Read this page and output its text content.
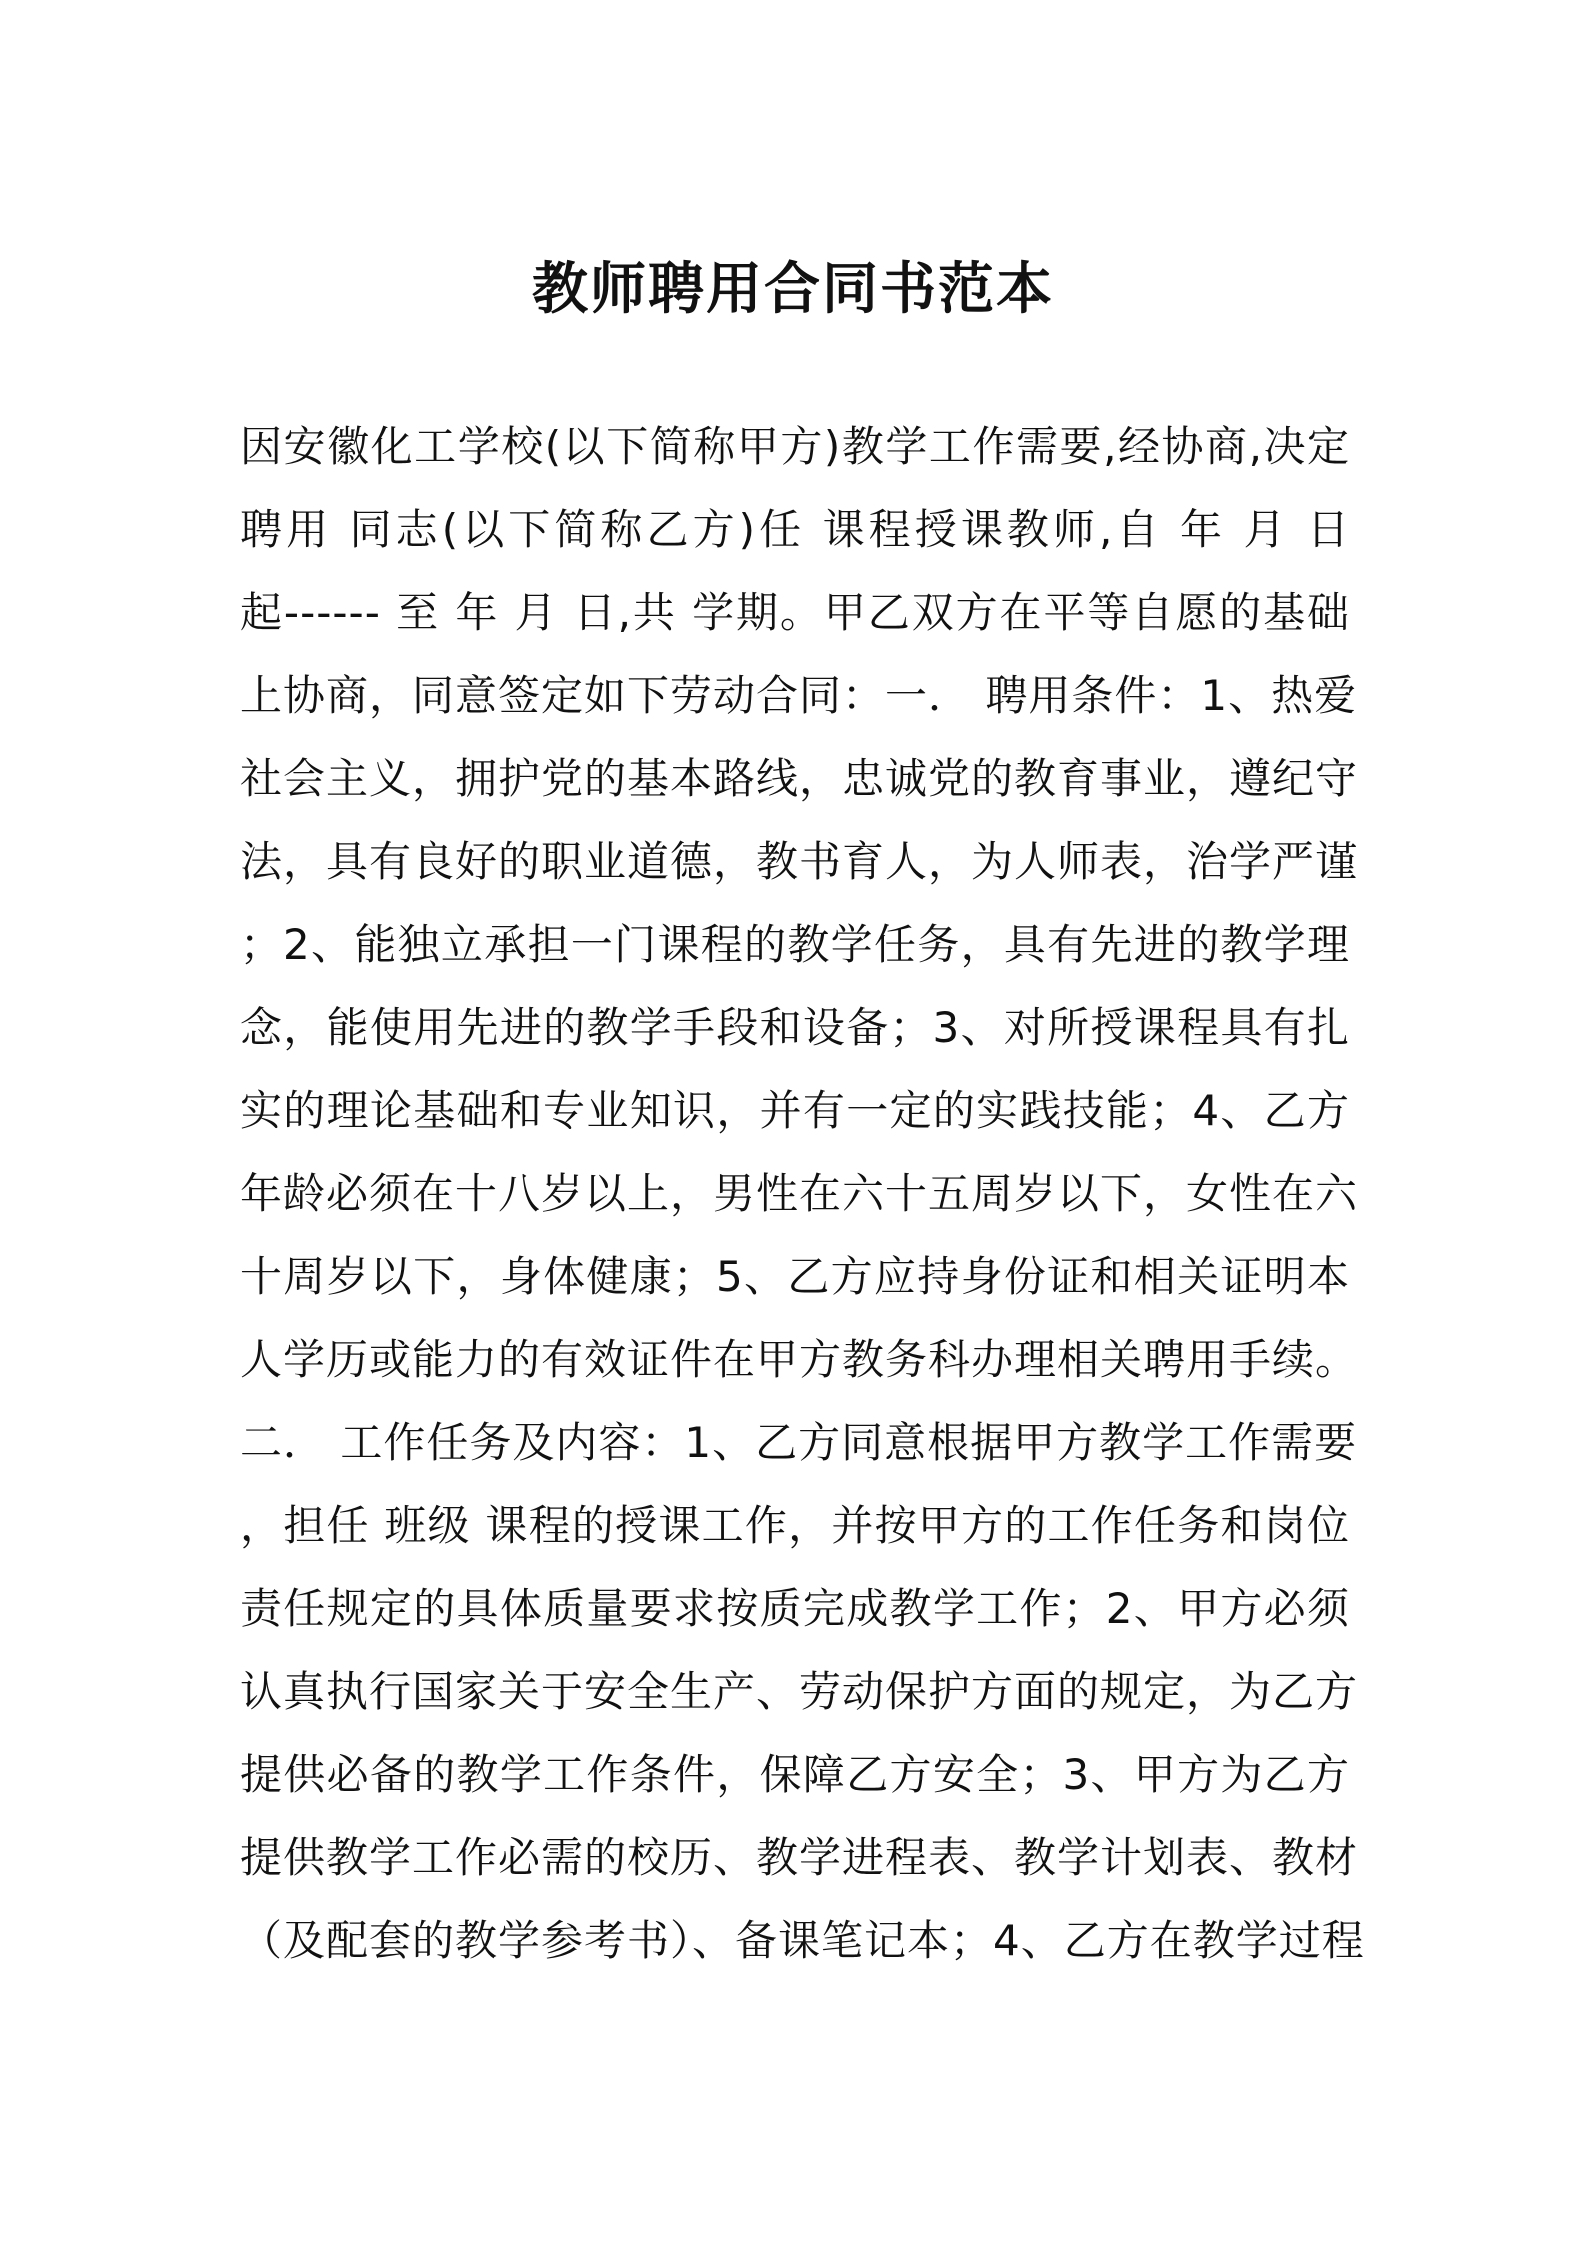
教师聘用合同书范本
因安徽化工学校(以下简称甲方)教学工作需要,经协商,决定
聘用 同志(以下简称乙方)任 课程授课教师,自 年 月 日
起------ 至 年 月 日,共 学期。甲乙双方在平等自愿的基础
上协商，同意签定如下劳动合同：一． 聘用条件：1、热爱
社会主义，拥护党的基本路线，忠诚党的教育事业，遵纪守
法，具有良好的职业道德，教书育人，为人师表，治学严谨
；2、能独立承担一门课程的教学任务，具有先进的教学理
念，能使用先进的教学手段和设备；3、对所授课程具有扎
实的理论基础和专业知识，并有一定的实践技能；4、乙方
年龄必须在十八岁以上，男性在六十五周岁以下，女性在六
十周岁以下，身体健康；5、乙方应持身份证和相关证明本
人学历或能力的有效证件在甲方教务科办理相关聘用手续。
二． 工作任务及内容：1、乙方同意根据甲方教学工作需要
，担任 班级 课程的授课工作，并按甲方的工作任务和岗位
责任规定的具体质量要求按质完成教学工作；2、甲方必须
认真执行国家关于安全生产、劳动保护方面的规定，为乙方
提供必备的教学工作条件，保障乙方安全；3、甲方为乙方
提供教学工作必需的校历、教学进程表、教学计划表、教材
（及配套的教学参考书）、备课笔记本；4、乙方在教学过程
